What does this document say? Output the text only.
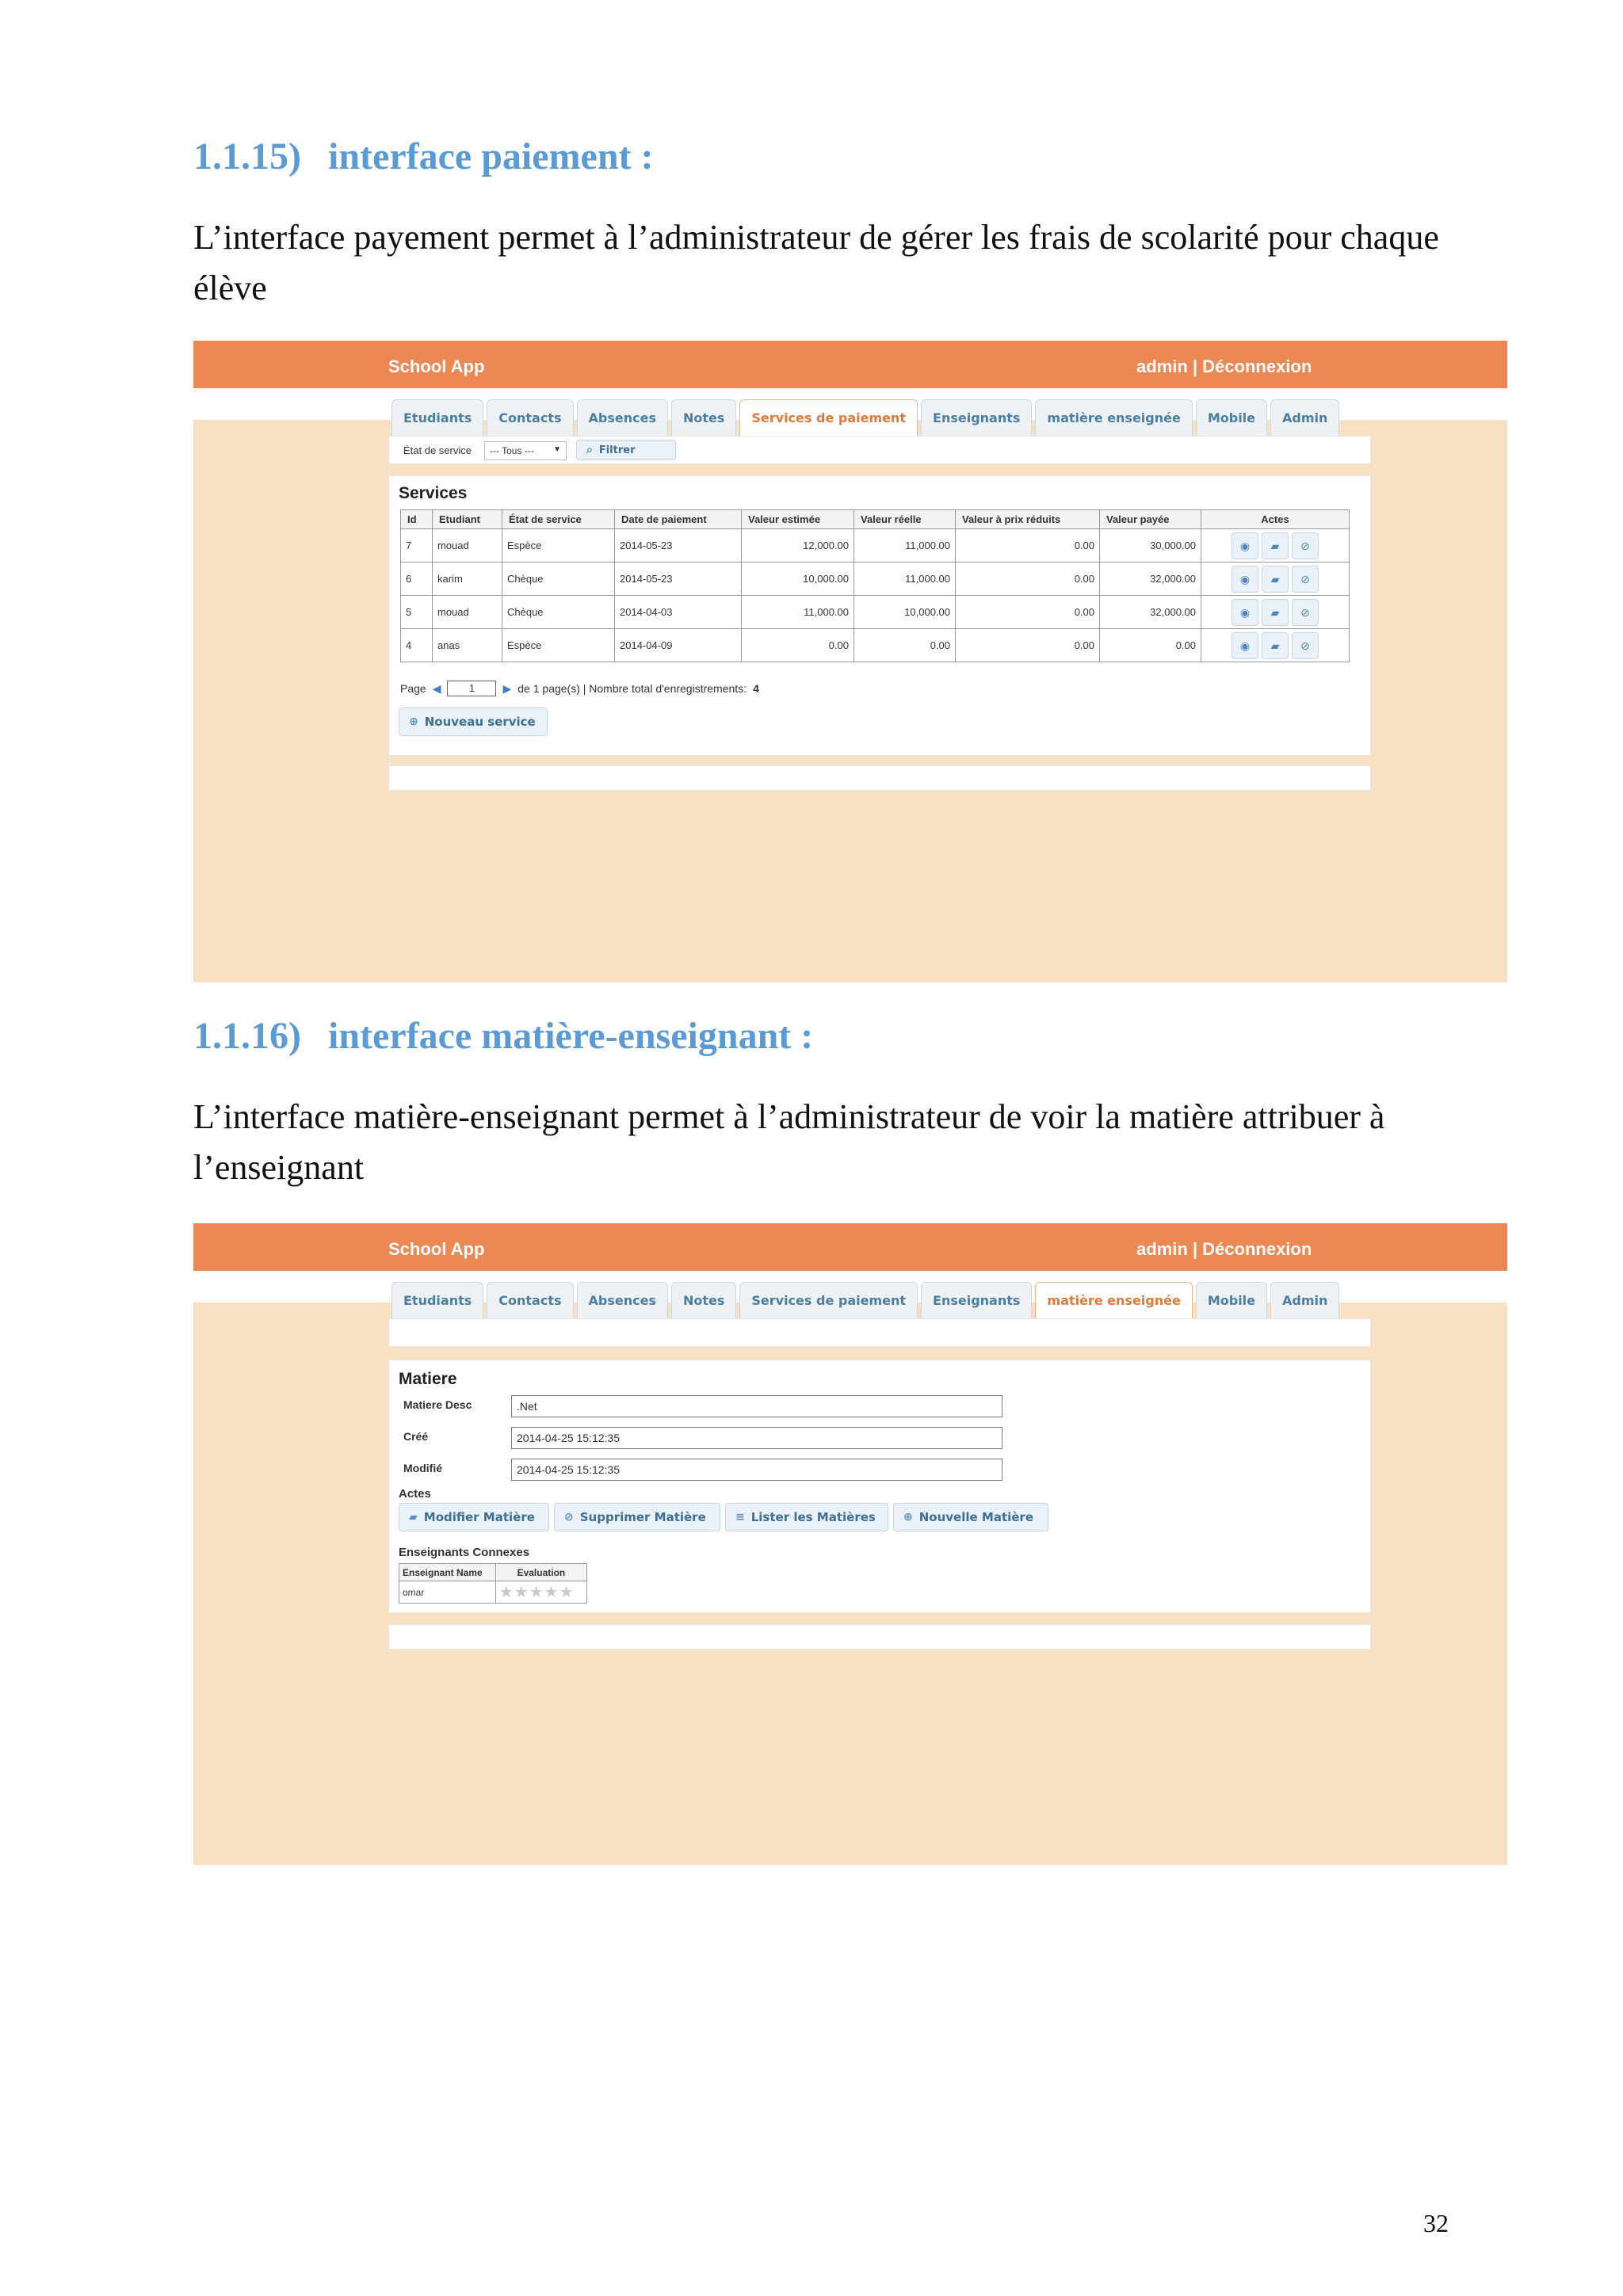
1.1.15) interface paiement :

L’interface payement permet à l’administrateur de gérer les frais de scolarité pour chaque élève

School App	admin | Déconnexion
Etudiants	Contacts	Absences	Notes	Services de paiement	Enseignants	matière enseignée	Mobile	Admin
État de service	--- Tous --- ▼ ⌕ Filtrer
Services
Id	Etudiant	État de service	Date de paiement	Valeur estimée	Valeur réelle	Valeur à prix réduits	Valeur payée	Actes
7	mouad	Espèce	2014-05-23	12,000.00	11,000.00	0.00	30,000.00	◉ ▰ ⊘
6	karim	Chèque	2014-05-23	10,000.00	11,000.00	0.00	32,000.00	◉ ▰ ⊘
5	mouad	Chèque	2014-04-03	11,000.00	10,000.00	0.00	32,000.00	◉ ▰ ⊘
4	anas	Espèce	2014-04-09	0.00	0.00	0.00	0.00	◉ ▰ ⊘
Page ◀	1	▶ de 1 page(s) | Nombre total d'enregistrements: 4
⊕ Nouveau service
1.1.16) interface matière-enseignant :

L’interface matière-enseignant permet à l’administrateur de voir la matière attribuer à l’enseignant

School App	admin | Déconnexion
Etudiants	Contacts	Absences	Notes	Services de paiement	Enseignants	matière enseignée	Mobile	Admin
Matiere
Matiere Desc	.Net
Créé	2014-04-25 15:12:35
Modifié	2014-04-25 15:12:35
Actes
▰ Modifier Matière	⊘ Supprimer Matière	≡ Lister les Matières	⊕ Nouvelle Matière
Enseignants Connexes
Enseignant Name	Evaluation
omar	★★★★★
32
